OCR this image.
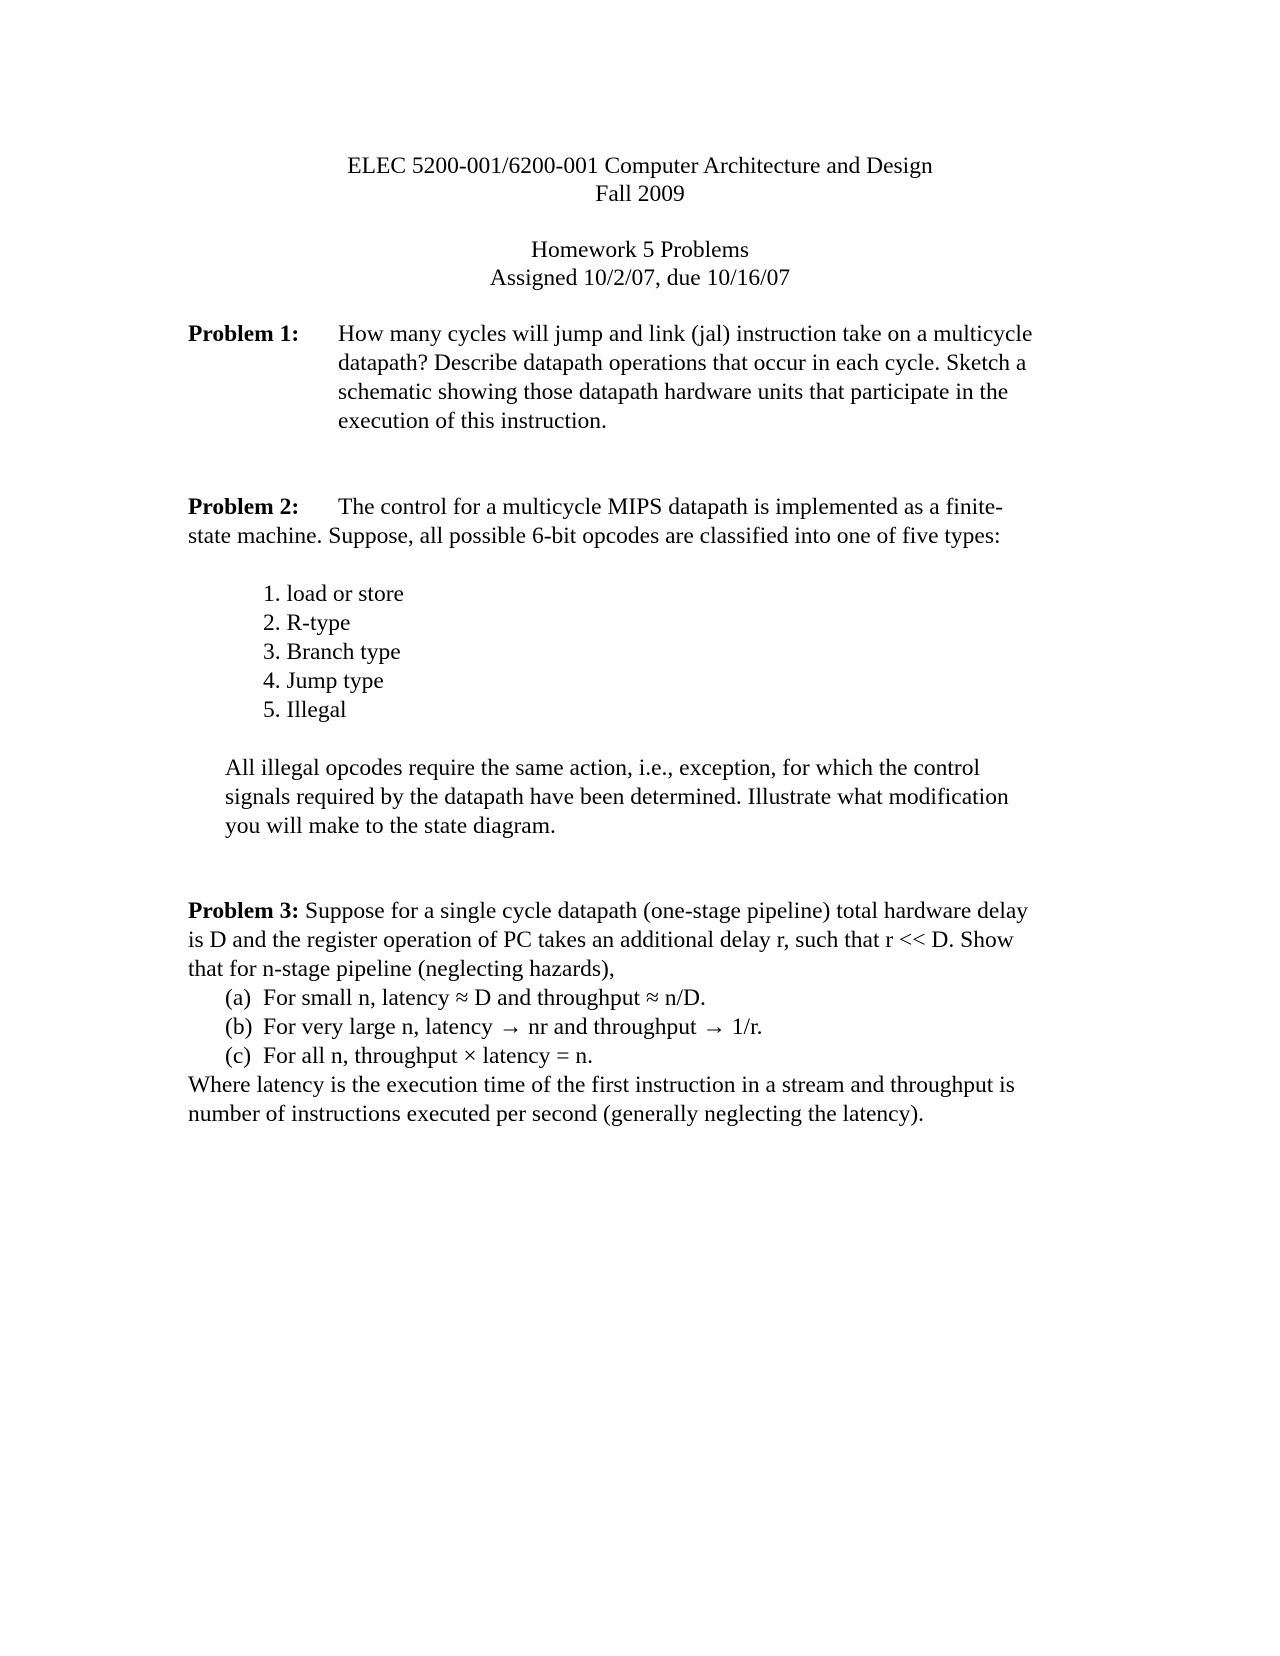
ELEC 5200-001/6200-001 Computer Architecture and Design
Fall 2009
Homework 5 Problems
Assigned 10/2/07, due 10/16/07
Problem 1: How many cycles will jump and link (jal) instruction take on a multicycle
datapath? Describe datapath operations that occur in each cycle. Sketch a
schematic showing those datapath hardware units that participate in the
execution of this instruction.
Problem 2: The control for a multicycle MIPS datapath is implemented as a finite-
state machine. Suppose, all possible 6-bit opcodes are classified into one of five types:
1. load or store
2. R-type
3. Branch type
4. Jump type
5. Illegal
All illegal opcodes require the same action, i.e., exception, for which the control
signals required by the datapath have been determined. Illustrate what modification
you will make to the state diagram.
Problem 3: Suppose for a single cycle datapath (one-stage pipeline) total hardware delay
is D and the register operation of PC takes an additional delay r, such that r << D. Show
that for n-stage pipeline (neglecting hazards),
(a) For small n, latency ≈ D and throughput ≈ n/D.
(b) For very large n, latency → nr and throughput → 1/r.
(c) For all n, throughput × latency = n.
Where latency is the execution time of the first instruction in a stream and throughput is
number of instructions executed per second (generally neglecting the latency).
